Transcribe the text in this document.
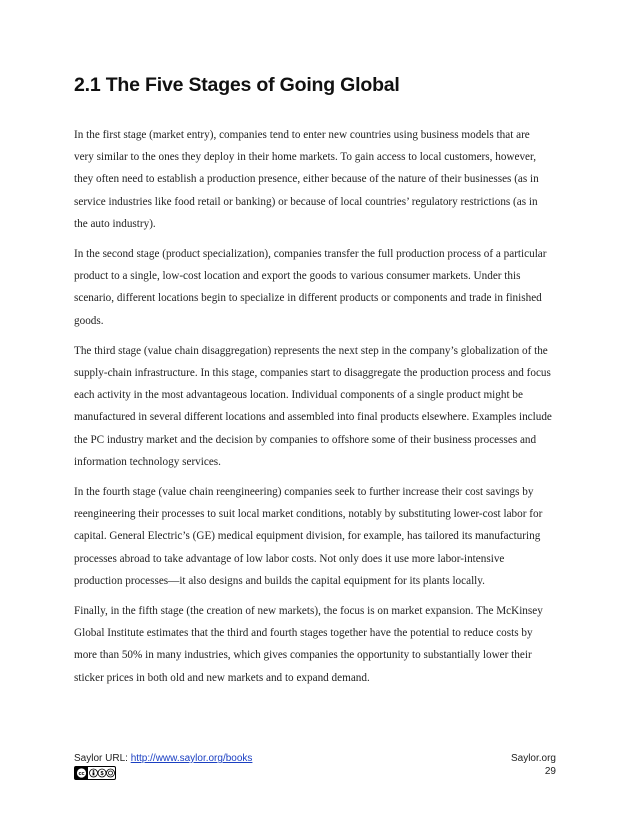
2.1 The Five Stages of Going Global

In the first stage (market entry), companies tend to enter new countries using business models that are very similar to the ones they deploy in their home markets. To gain access to local customers, however, they often need to establish a production presence, either because of the nature of their businesses (as in service industries like food retail or banking) or because of local countries’ regulatory restrictions (as in the auto industry).

In the second stage (product specialization), companies transfer the full production process of a particular product to a single, low-cost location and export the goods to various consumer markets. Under this scenario, different locations begin to specialize in different products or components and trade in finished goods.

The third stage (value chain disaggregation) represents the next step in the company’s globalization of the supply-chain infrastructure. In this stage, companies start to disaggregate the production process and focus each activity in the most advantageous location. Individual components of a single product might be manufactured in several different locations and assembled into final products elsewhere. Examples include the PC industry market and the decision by companies to offshore some of their business processes and information technology services.

In the fourth stage (value chain reengineering) companies seek to further increase their cost savings by reengineering their processes to suit local market conditions, notably by substituting lower-cost labor for capital. General Electric’s (GE) medical equipment division, for example, has tailored its manufacturing processes abroad to take advantage of low labor costs. Not only does it use more labor-intensive production processes—it also designs and builds the capital equipment for its plants locally.

Finally, in the fifth stage (the creation of new markets), the focus is on market expansion. The McKinsey Global Institute estimates that the third and fourth stages together have the potential to reduce costs by more than 50% in many industries, which gives companies the opportunity to substantially lower their sticker prices in both old and new markets and to expand demand.

Saylor URL: http://www.saylor.org/books	Saylor.org
29
cc	$
